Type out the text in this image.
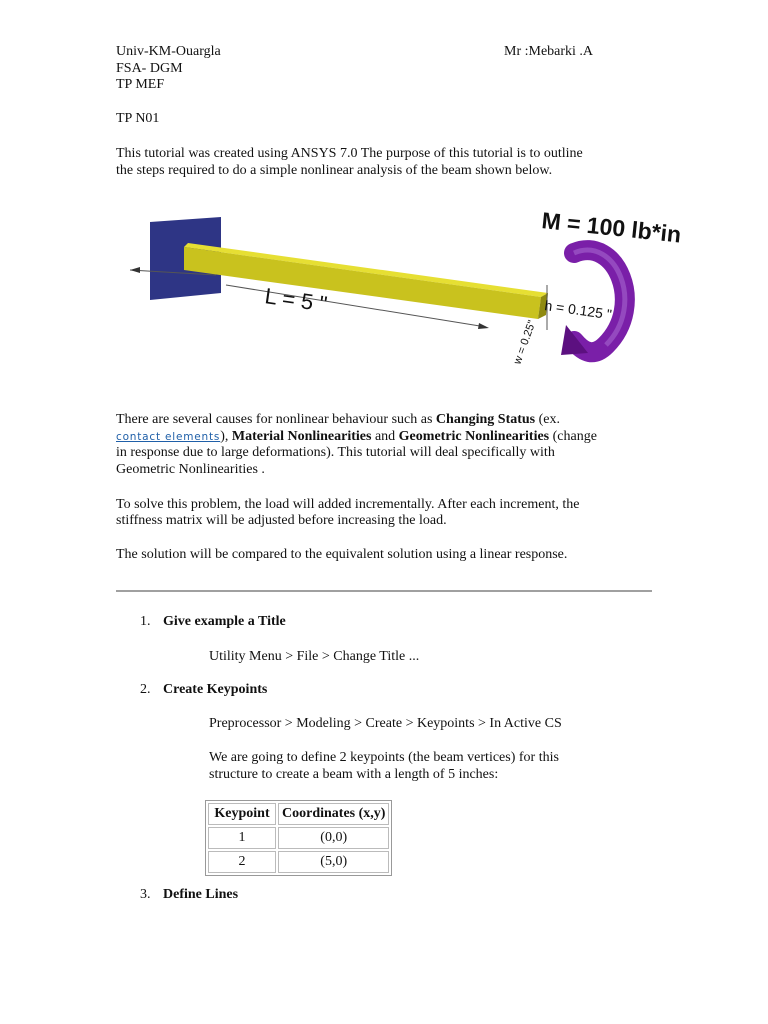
Univ-KM-Ouargla	Mr :Mebarki .A
FSA- DGM
TP MEF
TP N01
This tutorial was created using ANSYS 7.0 The purpose of this tutorial is to outline
the steps required to do a simple nonlinear analysis of the beam shown below.
L = 5 "	h = 0.125 "
w = 0.25"
M = 100 lb*in
There are several causes for nonlinear behaviour such as Changing Status (ex.
contact elements), Material Nonlinearities and Geometric Nonlinearities (change
in response due to large deformations). This tutorial will deal specifically with
Geometric Nonlinearities .
To solve this problem, the load will added incrementally. After each increment, the
stiffness matrix will be adjusted before increasing the load.
The solution will be compared to the equivalent solution using a linear response.
1. Give example a Title
Utility Menu > File > Change Title ...
2. Create Keypoints
Preprocessor > Modeling > Create > Keypoints > In Active CS
We are going to define 2 keypoints (the beam vertices) for this
structure to create a beam with a length of 5 inches:
Keypoint	Coordinates (x,y)
1	(0,0)
2	(5,0)
3. Define Lines
